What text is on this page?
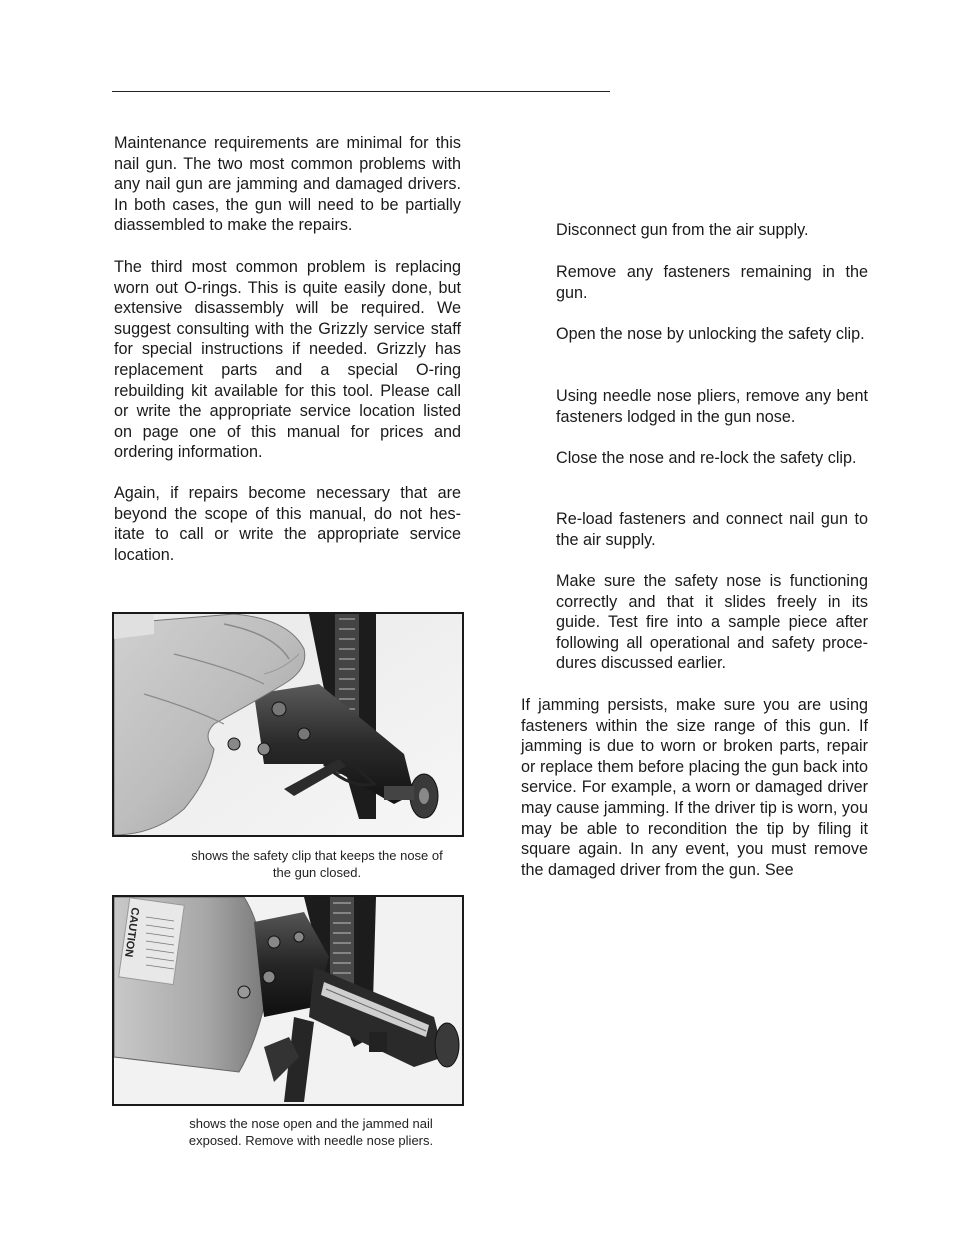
Maintenance requirements are minimal for this nail gun. The two most common problems with any nail gun are jamming and damaged drivers. In both cases, the gun will need to be partially diassembled to make the repairs.

The third most common problem is replacing worn out O-rings. This is quite easily done, but extensive disassembly will be required. We suggest consulting with the Grizzly service staff for special instructions if needed. Grizzly has replacement parts and a special O-ring rebuilding kit available for this tool. Please call or write the appropriate service location listed on page one of this manual for prices and ordering information.

Again, if repairs become necessary that are beyond the scope of this manual, do not hes-itate to call or write the appropriate service location.

shows the safety clip that keeps the nose of
the gun closed.

CAUTION

shows the nose open and the jammed nail
exposed. Remove with needle nose pliers.

Disconnect gun from the air supply.

Remove any fasteners remaining in the gun.

Open the nose by unlocking the safety clip.

Using needle nose pliers, remove any bent fasteners lodged in the gun nose.

Close the nose and re-lock the safety clip.

Re-load fasteners and connect nail gun to the air supply.

Make sure the safety nose is functioning correctly and that it slides freely in its guide. Test fire into a sample piece after following all operational and safety proce-dures discussed earlier.

If jamming persists, make sure you are using fasteners within the size range of this gun. If jamming is due to worn or broken parts, repair or replace them before placing the gun back into service. For example, a worn or damaged driver may cause jamming. If the driver tip is worn, you may be able to recondition the tip by filing it square again. In any event, you must remove the damaged driver from the gun. See
